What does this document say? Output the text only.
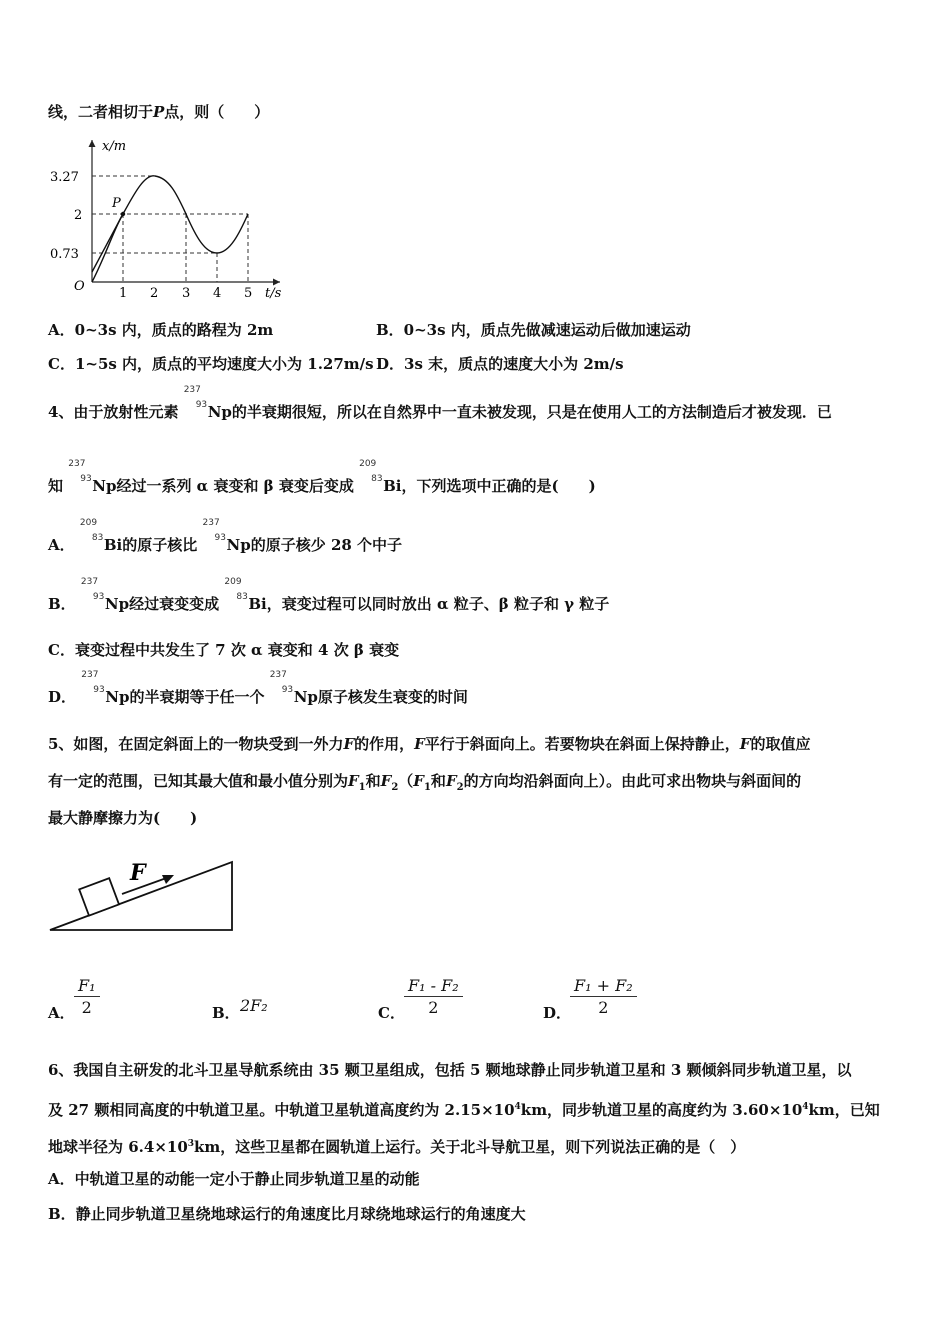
线，二者相切于P点，则（　　）
x/m
t/s
O
P
3.27
2
0.73
1 2 3 4 5
A．0~3s 内，质点的路程为 2m	B．0~3s 内，质点先做减速运动后做加速运动
C．1~5s 内，质点的平均速度大小为 1.27m/s D．3s 末，质点的速度大小为 2m/s
4、由于放射性元素
237
93 Np的半衰期很短，所以在自然界中一直未被发现，只是在使用人工的方法制造后才被发现．已
知
237
93 Np经过一系列 α 衰变和 β 衰变后变成
209
83 Bi，下列选项中正确的是(　　)
A．
209
83 Bi的原子核比
237
93 Np的原子核少 28 个中子
B．
237
93 Np经过衰变变成
209
83 Bi，衰变过程可以同时放出 α 粒子、β 粒子和 γ 粒子
C．衰变过程中共发生了 7 次 α 衰变和 4 次 β 衰变
D．
237
93 Np的半衰期等于任一个
237
93 Np原子核发生衰变的时间
5、如图，在固定斜面上的一物块受到一外力F的作用，F平行于斜面向上。若要物块在斜面上保持静止，F的取值应
有一定的范围，已知其最大值和最小值分别为$F_1$和$F_2(F_1$和$F_2$的方向均沿斜面向上）。由此可求出物块与斜面间的
最大静摩擦力为(　　)
F
A．
F₁
2	B． 2F₂	C．
F₁ - F₂
2	D．
F₁ + F₂
2
6、我国自主研发的北斗卫星导航系统由 35 颗卫星组成，包括 5 颗地球静止同步轨道卫星和 3 颗倾斜同步轨道卫星，以
及 27 颗相同高度的中轨道卫星。中轨道卫星轨道高度约为 $2.15\times 10^4km$，同步轨道卫星的高度约为 $3.60\times 10^4km$，已知
地球半径为 $6.4\times 10^3km$，这些卫星都在圆轨道上运行。关于北斗导航卫星，则下列说法正确的是（　）
A．中轨道卫星的动能一定小于静止同步轨道卫星的动能
B．静止同步轨道卫星绕地球运行的角速度比月球绕地球运行的角速度大
